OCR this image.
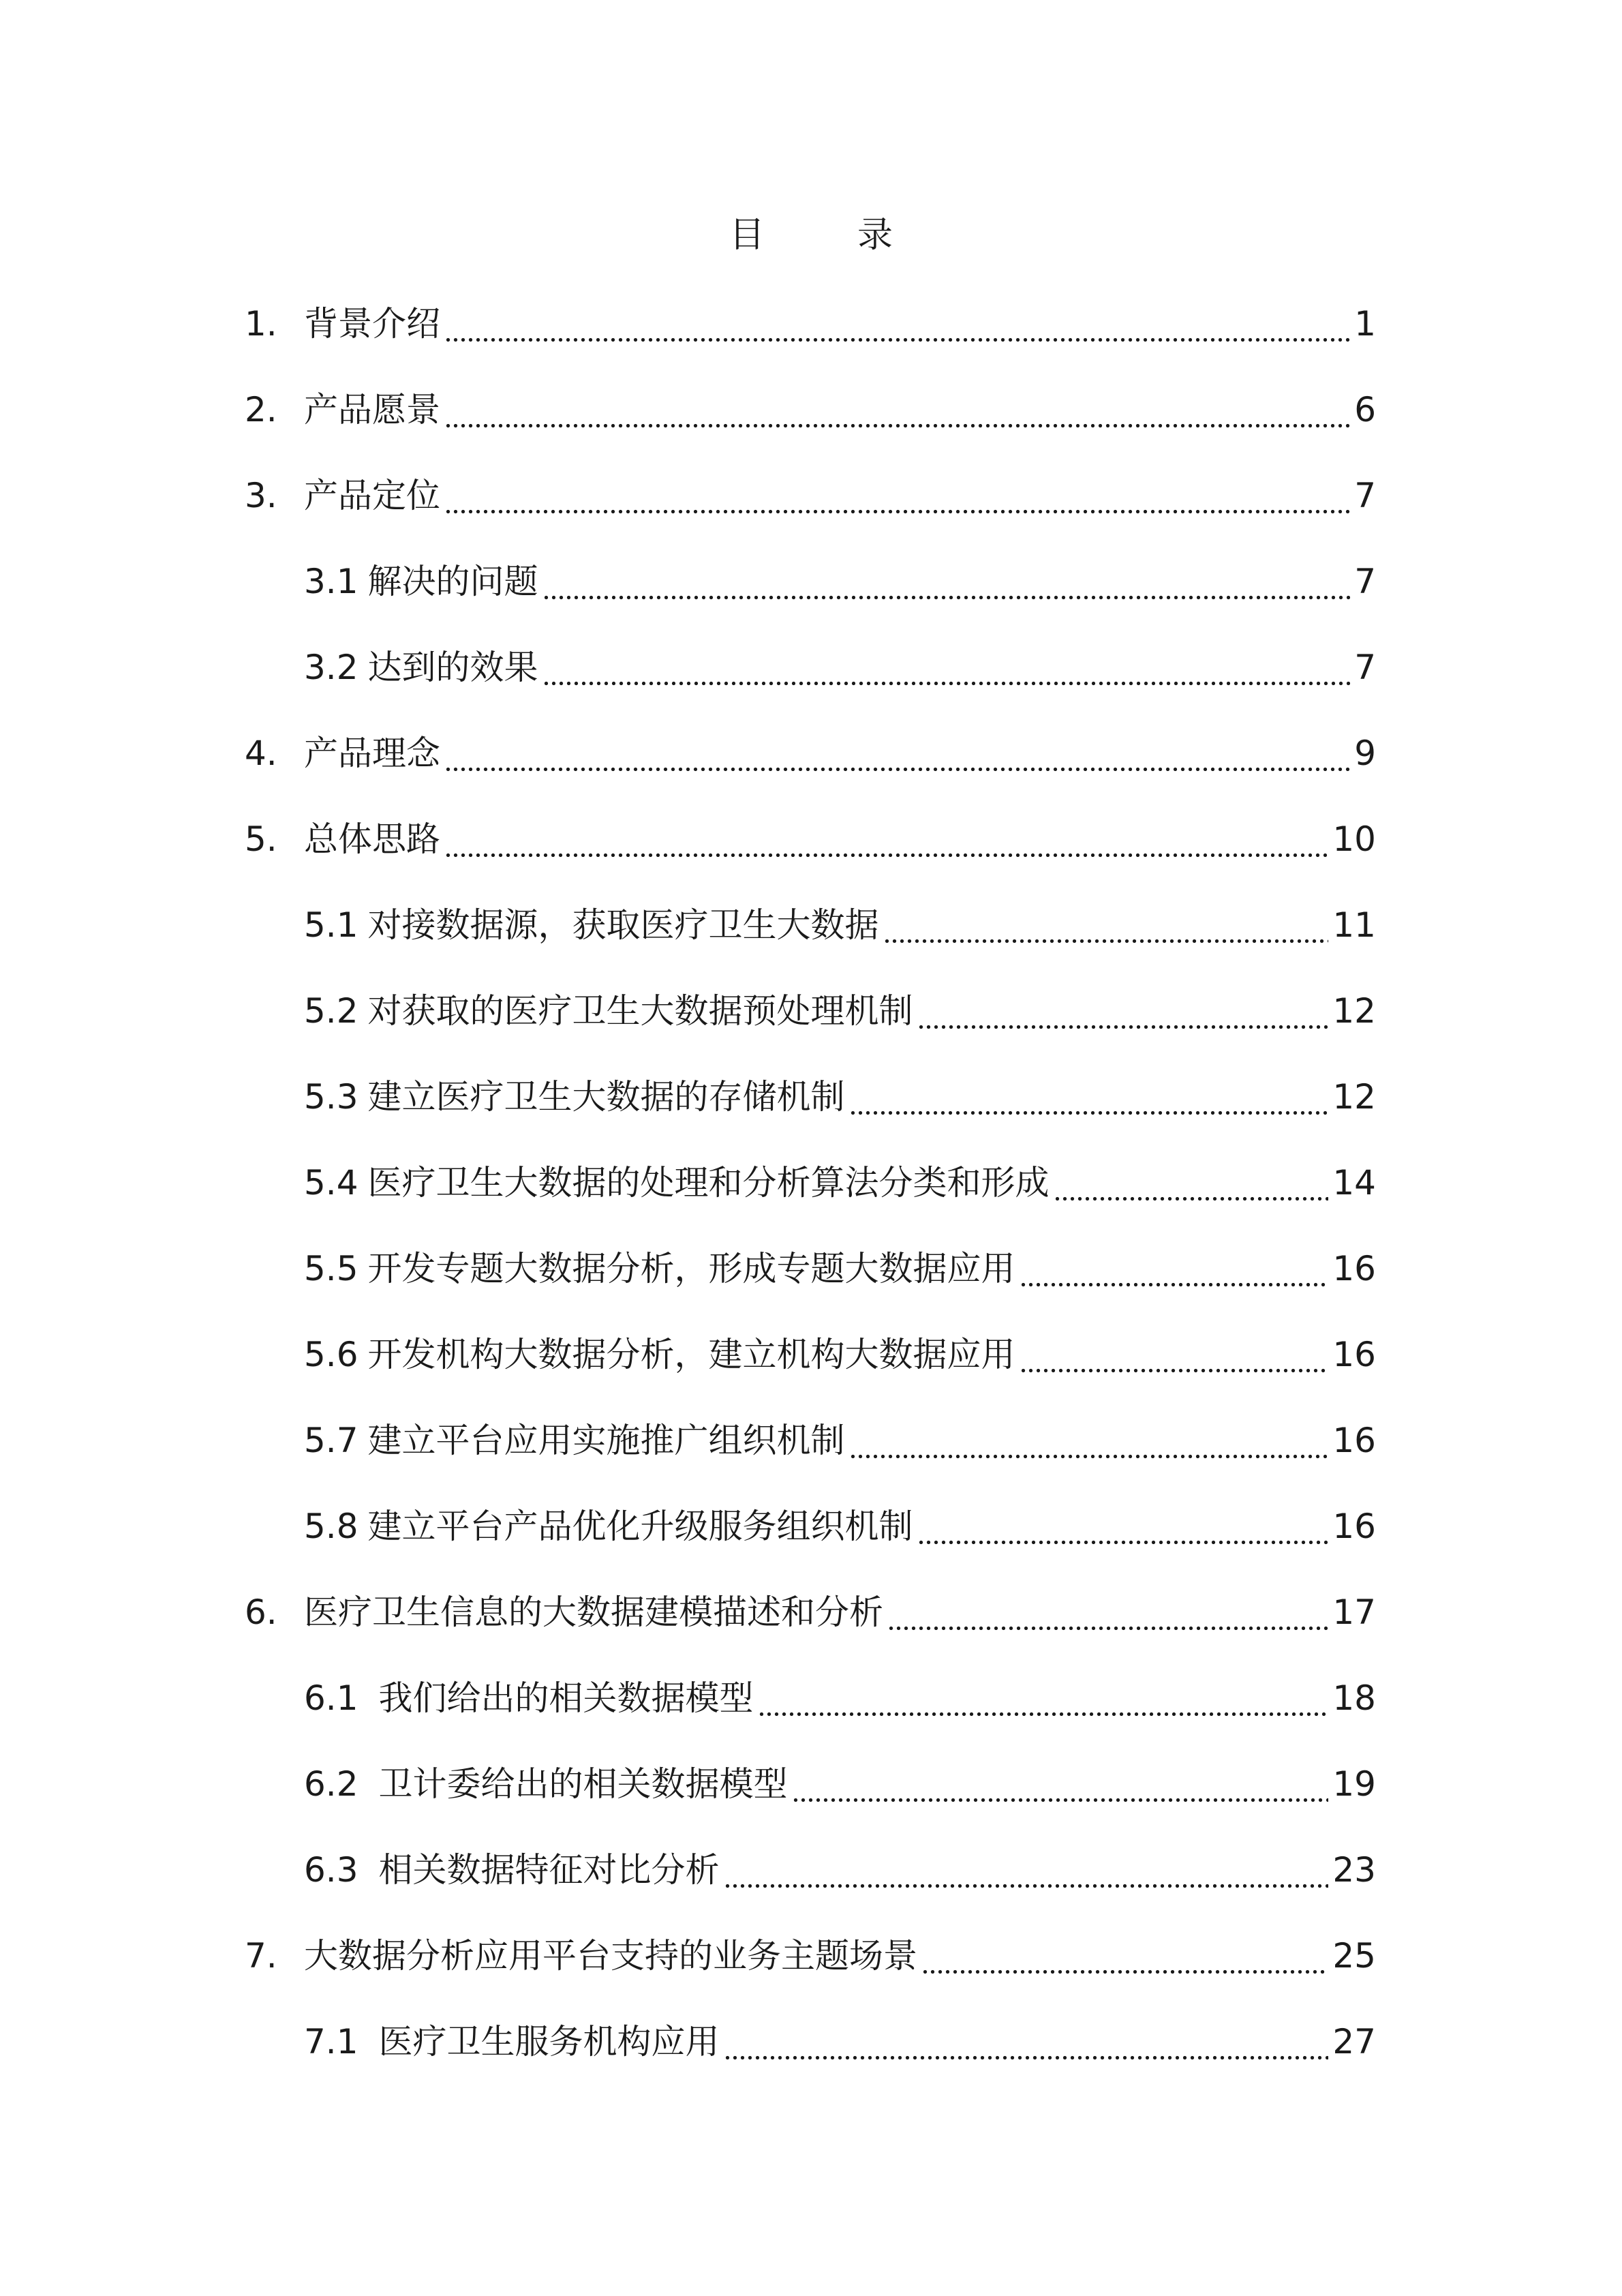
目　录
1. 背景介绍	1
2. 产品愿景	6
3. 产品定位	7
3.1 解决的问题	7
3.2 达到的效果	7
4. 产品理念	9
5. 总体思路	10
5.1 对接数据源，获取医疗卫生大数据	11
5.2 对获取的医疗卫生大数据预处理机制	12
5.3 建立医疗卫生大数据的存储机制	12
5.4 医疗卫生大数据的处理和分析算法分类和形成	14
5.5 开发专题大数据分析，形成专题大数据应用	16
5.6 开发机构大数据分析，建立机构大数据应用	16
5.7 建立平台应用实施推广组织机制	16
5.8 建立平台产品优化升级服务组织机制	16
6. 医疗卫生信息的大数据建模描述和分析	17
6.1 我们给出的相关数据模型	18
6.2 卫计委给出的相关数据模型	19
6.3 相关数据特征对比分析	23
7. 大数据分析应用平台支持的业务主题场景	25
7.1 医疗卫生服务机构应用	27
